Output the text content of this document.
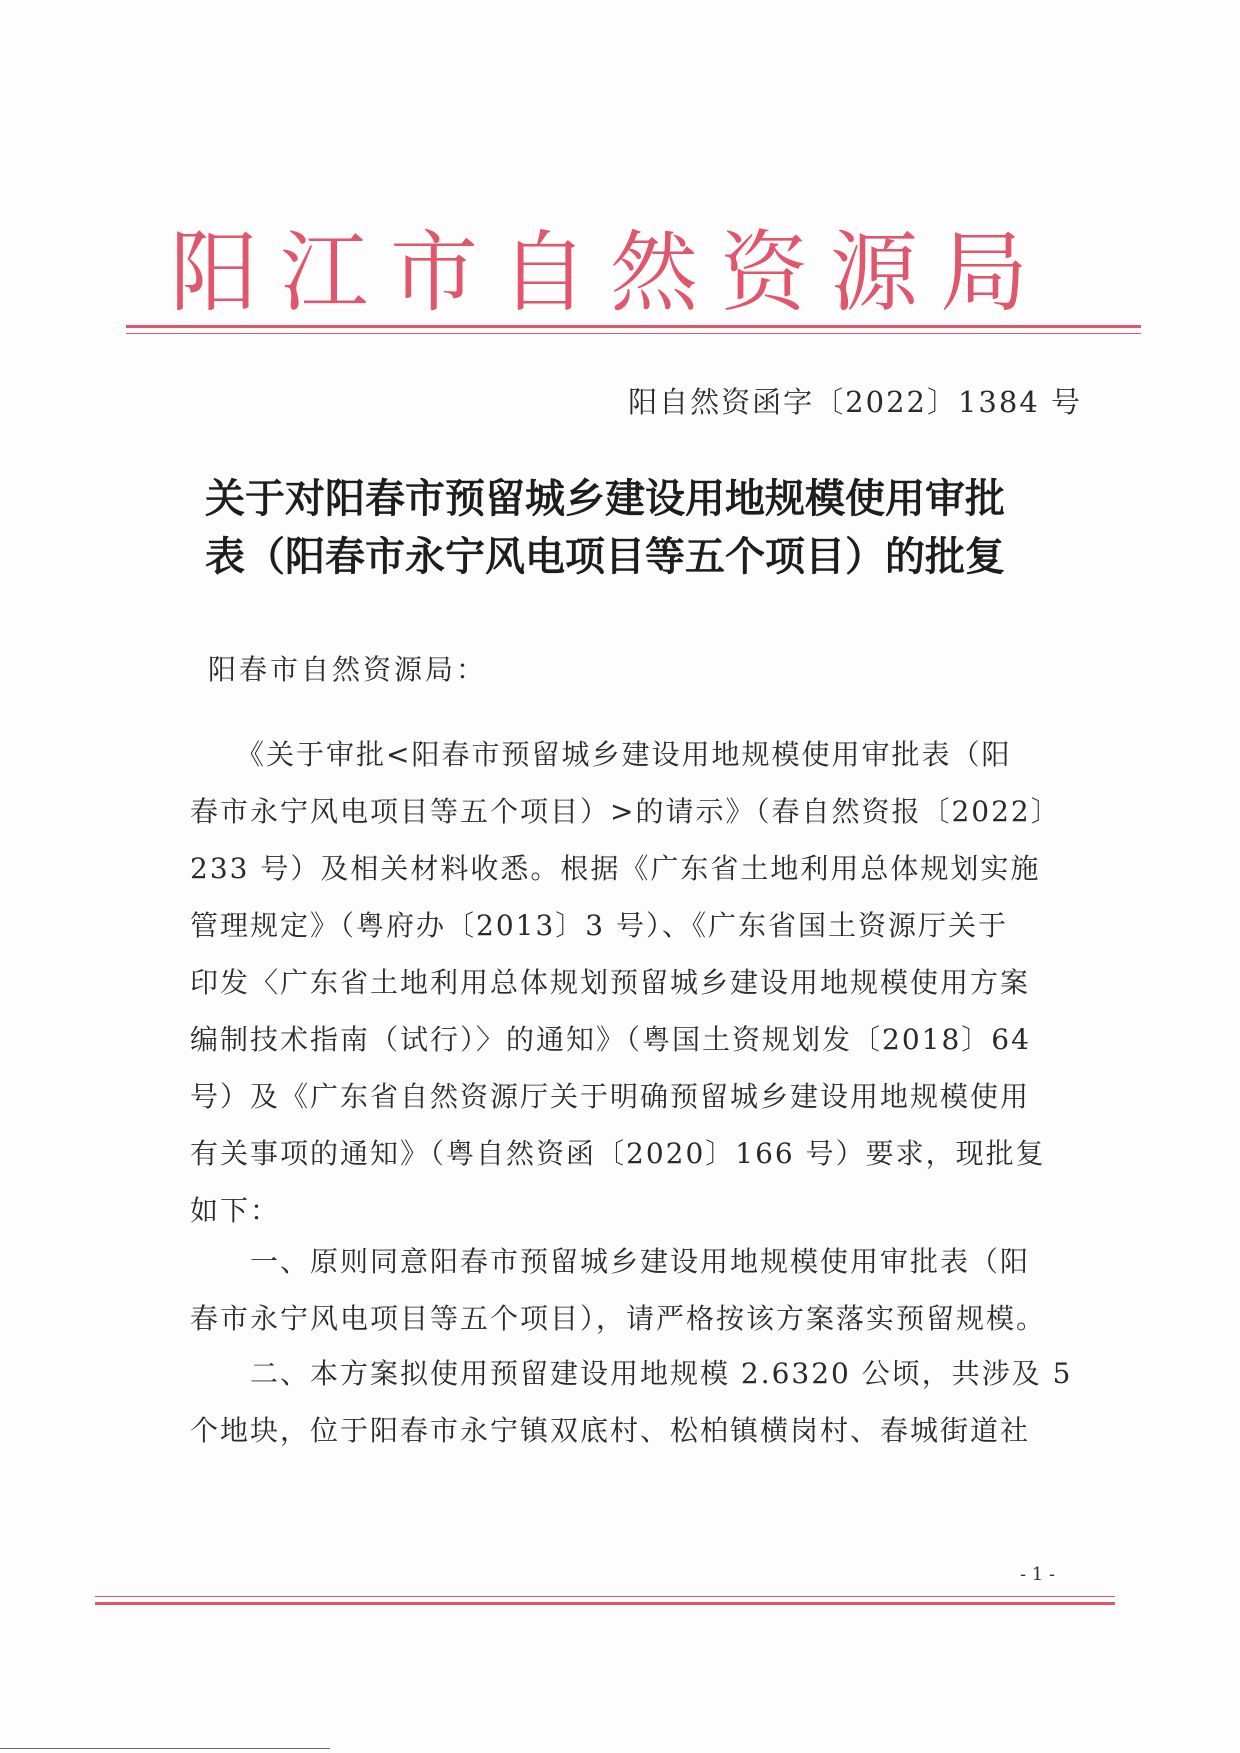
阳江市自然资源局
阳自然资函字〔2022〕1384 号
关于对阳春市预留城乡建设用地规模使用审批
表（阳春市永宁风电项目等五个项目）的批复
阳春市自然资源局：
　　《关于审批<阳春市预留城乡建设用地规模使用审批表（阳
春市永宁风电项目等五个项目）>的请示》（春自然资报〔2022〕
233 号）及相关材料收悉。根据《广东省土地利用总体规划实施
管理规定》（粤府办〔2013〕3 号）、《广东省国土资源厅关于
印发〈广东省土地利用总体规划预留城乡建设用地规模使用方案
编制技术指南（试行）〉的通知》（粤国土资规划发〔2018〕64
号）及《广东省自然资源厅关于明确预留城乡建设用地规模使用
有关事项的通知》（粤自然资函〔2020〕166 号）要求，现批复
如下：
　　一、原则同意阳春市预留城乡建设用地规模使用审批表（阳
春市永宁风电项目等五个项目），请严格按该方案落实预留规模。
　　二、本方案拟使用预留建设用地规模 2.6320 公顷，共涉及 5
个地块，位于阳春市永宁镇双底村、松柏镇横岗村、春城街道社
- 1 -
